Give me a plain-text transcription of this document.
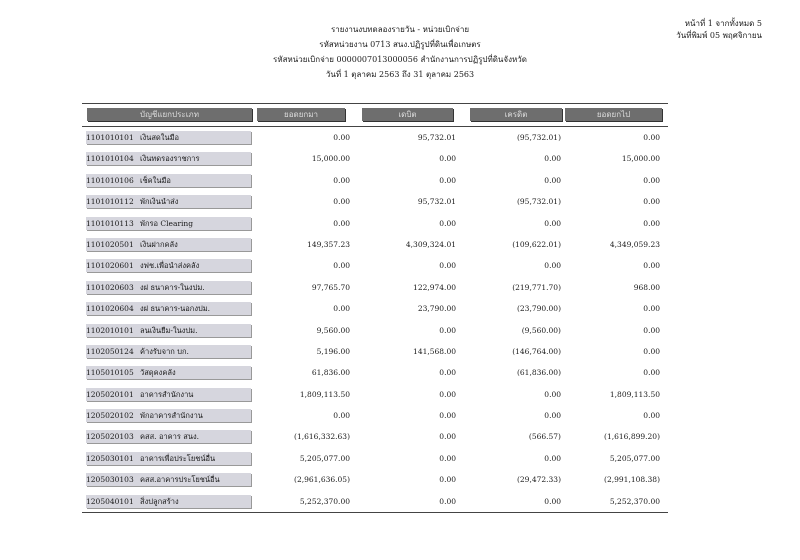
รายงานงบทดลองรายวัน - หน่วยเบิกจ่าย
รหัสหน่วยงาน 0713 สนง.ปฏิรูปที่ดินเพื่อเกษตร
รหัสหน่วยเบิกจ่าย 0000007013000056 สำนักงานการปฏิรูปที่ดินจังหวัด
วันที่ 1 ตุลาคม 2563 ถึง 31 ตุลาคม 2563
หน้าที่ 1 จากทั้งหมด 5
วันที่พิมพ์ 05 พฤศจิกายน
บัญชีแยกประเภท	ยอดยกมา	เดบิต	เครดิต	ยอดยกไป
1101010101 เงินสดในมือ	0.00	95,732.01	(95,732.01)	0.00
1101010104 เงินทดรองราชการ	15,000.00	0.00	0.00	15,000.00
1101010106 เช็คในมือ	0.00	0.00	0.00	0.00
1101010112 พักเงินนำส่ง	0.00	95,732.01	(95,732.01)	0.00
1101010113 พักรอ Clearing	0.00	0.00	0.00	0.00
1101020501 เงินฝากคลัง	149,357.23	4,309,324.01	(109,622.01)	4,349,059.23
1101020601 งฟช.เพื่อนำส่งคลัง	0.00	0.00	0.00	0.00
1101020603 งฝ ธนาคาร-ในงปม.	97,765.70	122,974.00	(219,771.70)	968.00
1101020604 งฝ ธนาคาร-นอกงปม.	0.00	23,790.00	(23,790.00)	0.00
1102010101 ลนเงินยืม-ในงปม.	9,560.00	0.00	(9,560.00)	0.00
1102050124 ค้างรับจาก บก.	5,196.00	141,568.00	(146,764.00)	0.00
1105010105 วัสดุคงคลัง	61,836.00	0.00	(61,836.00)	0.00
1205020101 อาคารสำนักงาน	1,809,113.50	0.00	0.00	1,809,113.50
1205020102 พักอาคารสำนักงาน	0.00	0.00	0.00	0.00
1205020103 คสส. อาคาร สนง.	(1,616,332.63)	0.00	(566.57)	(1,616,899.20)
1205030101 อาคารเพื่อประโยชน์อื่น	5,205,077.00	0.00	0.00	5,205,077.00
1205030103 คสส.อาคารประโยชน์อื่น	(2,961,636.05)	0.00	(29,472.33)	(2,991,108.38)
1205040101 สิ่งปลูกสร้าง	5,252,370.00	0.00	0.00	5,252,370.00
